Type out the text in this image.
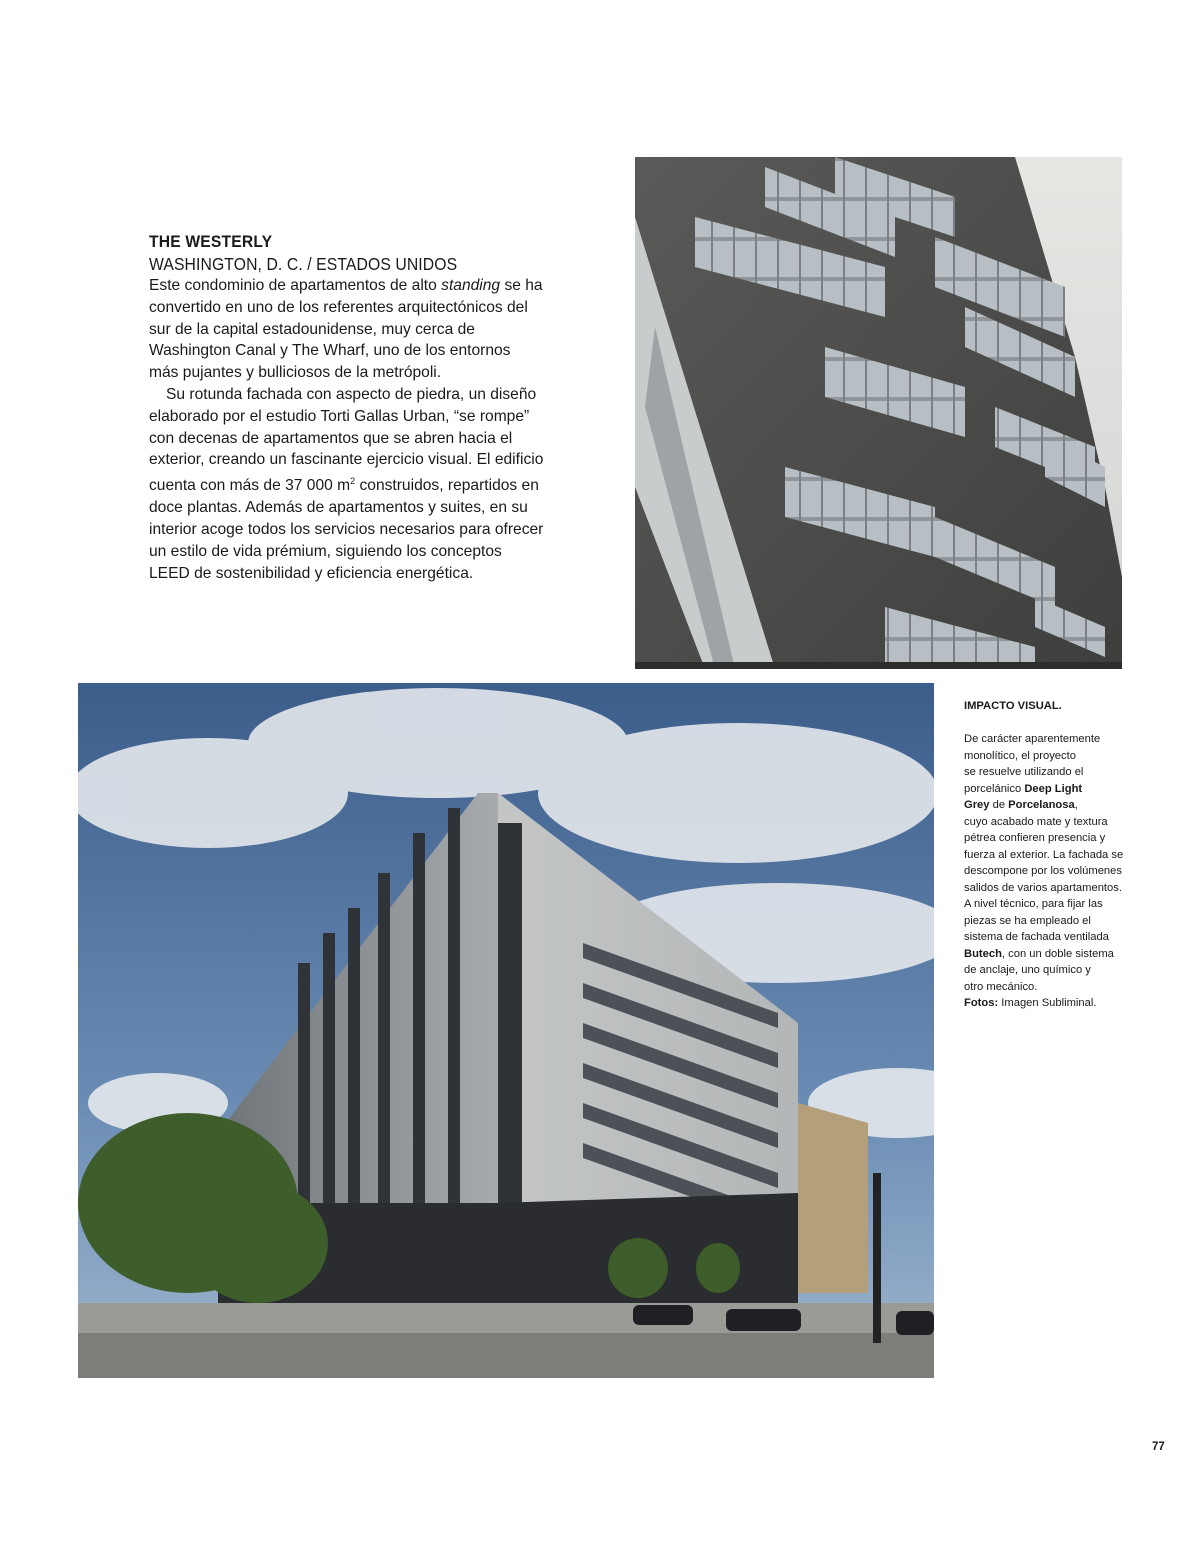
THE WESTERLY
WASHINGTON, D. C. / ESTADOS UNIDOS

Este condominio de apartamentos de alto standing se ha convertido en uno de los referentes arquitectónicos del sur de la capital estadounidense, muy cerca de Washington Canal y The Wharf, uno de los entornos más pujantes y bulliciosos de la metrópoli.

Su rotunda fachada con aspecto de piedra, un diseño elaborado por el estudio Torti Gallas Urban, “se rompe” con decenas de apartamentos que se abren hacia el exterior, creando un fascinante ejercicio visual. El edificio cuenta con más de 37 000 $m^2$ construidos, repartidos en doce plantas. Además de apartamentos y suites, en su interior acoge todos los servicios necesarios para ofrecer un estilo de vida prémium, siguiendo los conceptos LEED de sostenibilidad y eficiencia energética.

IMPACTO VISUAL.

De carácter aparentemente
monolítico, el proyecto
se resuelve utilizando el
porcelánico Deep Light
Grey de Porcelanosa,
cuyo acabado mate y textura
pétrea confieren presencia y
fuerza al exterior. La fachada se
descompone por los volúmenes
salidos de varios apartamentos.
A nivel técnico, para fijar las
piezas se ha empleado el
sistema de fachada ventilada
Butech, con un doble sistema
de anclaje, uno químico y
otro mecánico.
Fotos: Imagen Subliminal.
77
